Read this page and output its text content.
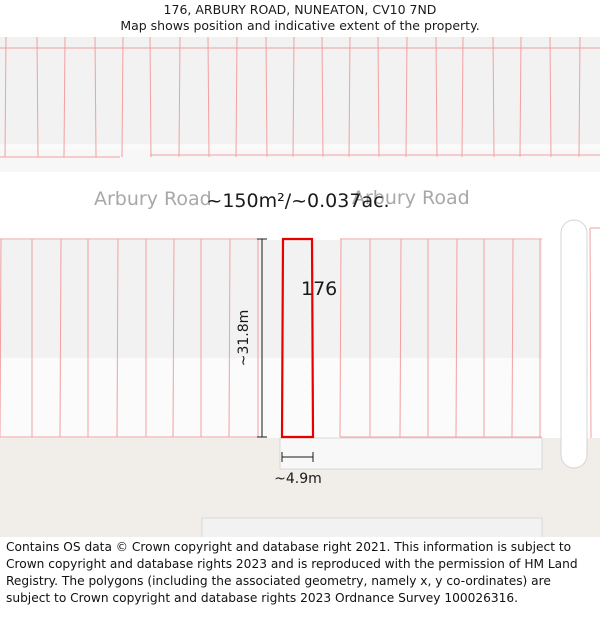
176, ARBURY ROAD, NUNEATON, CV10 7ND
Map shows position and indicative extent of the property.
Arbury Road	Arbury Road
~150m²/~0.037ac.
176
~31.8m
~4.9m
Contains OS data © Crown copyright and database right 2021. This information is subject to Crown copyright and database rights 2023 and is reproduced with the permission of HM Land Registry. The polygons (including the associated geometry, namely x, y co-ordinates) are subject to Crown copyright and database rights 2023 Ordnance Survey 100026316.
